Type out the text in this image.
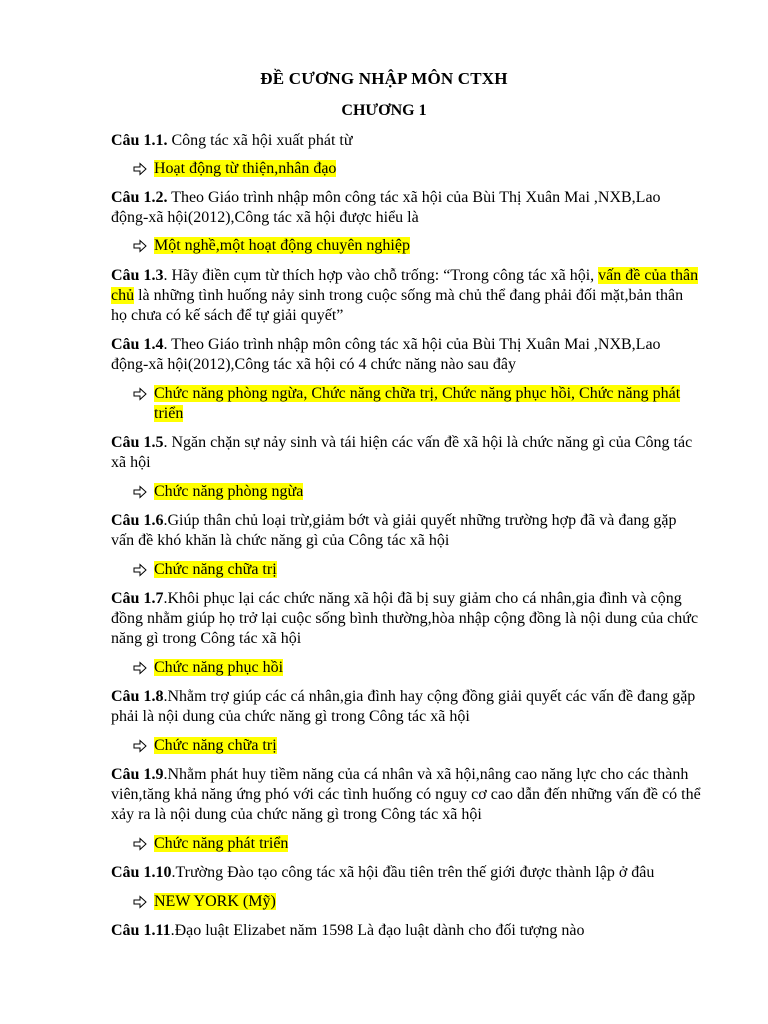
ĐỀ CƯƠNG NHẬP MÔN CTXH
CHƯƠNG 1
Câu 1.1. Công tác xã hội xuất phát từ
Hoạt động từ thiện,nhân đạo
Câu 1.2. Theo Giáo trình nhập môn công tác xã hội của Bùi Thị Xuân Mai ,NXB,Lao động-xã hội(2012),Công tác xã hội được hiểu là
Một nghề,một hoạt động chuyên nghiệp
Câu 1.3. Hãy điền cụm từ thích hợp vào chỗ trống: “Trong công tác xã hội, vấn đề của thân chủ là những tình huống nảy sinh trong cuộc sống mà chủ thể đang phải đối mặt,bản thân họ chưa có kế sách để tự giải quyết”
Câu 1.4. Theo Giáo trình nhập môn công tác xã hội của Bùi Thị Xuân Mai ,NXB,Lao động-xã hội(2012),Công tác xã hội có 4 chức năng nào sau đây
Chức năng phòng ngừa, Chức năng chữa trị, Chức năng phục hồi, Chức năng phát triển
Câu 1.5. Ngăn chặn sự nảy sinh và tái hiện các vấn đề xã hội là chức năng gì của Công tác xã hội
Chức năng phòng ngừa
Câu 1.6.Giúp thân chủ loại trừ,giảm bớt và giải quyết những trường hợp đã và đang gặp vấn đề khó khăn là chức năng gì của Công tác xã hội
Chức năng chữa trị
Câu 1.7.Khôi phục lại các chức năng xã hội đã bị suy giảm cho cá nhân,gia đình và cộng đồng nhằm giúp họ trở lại cuộc sống bình thường,hòa nhập cộng đồng là nội dung của chức năng gì trong Công tác xã hội
Chức năng phục hồi
Câu 1.8.Nhằm trợ giúp các cá nhân,gia đình hay cộng đồng giải quyết các vấn đề đang gặp phải là nội dung của chức năng gì trong Công tác xã hội
Chức năng chữa trị
Câu 1.9.Nhằm phát huy tiềm năng của cá nhân và xã hội,nâng cao năng lực cho các thành viên,tăng khả năng ứng phó với các tình huống có nguy cơ cao dẫn đến những vấn đề có thể xảy ra là nội dung của chức năng gì trong Công tác xã hội
Chức năng phát triển
Câu 1.10.Trường Đào tạo công tác xã hội đầu tiên trên thế giới được thành lập ở đâu
NEW YORK (Mỹ)
Câu 1.11.Đạo luật Elizabet năm 1598 Là đạo luật dành cho đối tượng nào
